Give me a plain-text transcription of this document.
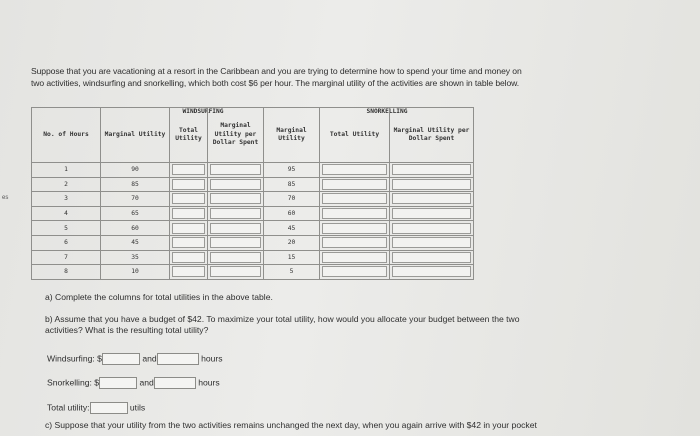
es
Suppose that you are vacationing at a resort in the Caribbean and you are trying to determine how to spend your time and money on
two activities, windsurfing and snorkelling, which both cost $6 per hour. The marginal utility of the activities are shown in table below.
WINDSURFING	SNORKELLING
No. of Hours	Marginal Utility	Total Utility	Marginal Utility per Dollar Spent	Marginal Utility	Total Utility	Marginal Utility per Dollar Spent

1	90			95	

2	85			85	

3	70			70	

4	65			60	

5	60			45	

6	45			20	

7	35			15	

8	10			5	

a) Complete the columns for total utilities in the above table.
b) Assume that you have a budget of $42. To maximize your total utility, how would you allocate your budget between the two
activities? What is the resulting total utility?
Windsurfing: $	and	hours
Snorkelling: $	and	hours
Total utility:	utils
c) Suppose that your utility from the two activities remains unchanged the next day, when you again arrive with $42 in your pocket
